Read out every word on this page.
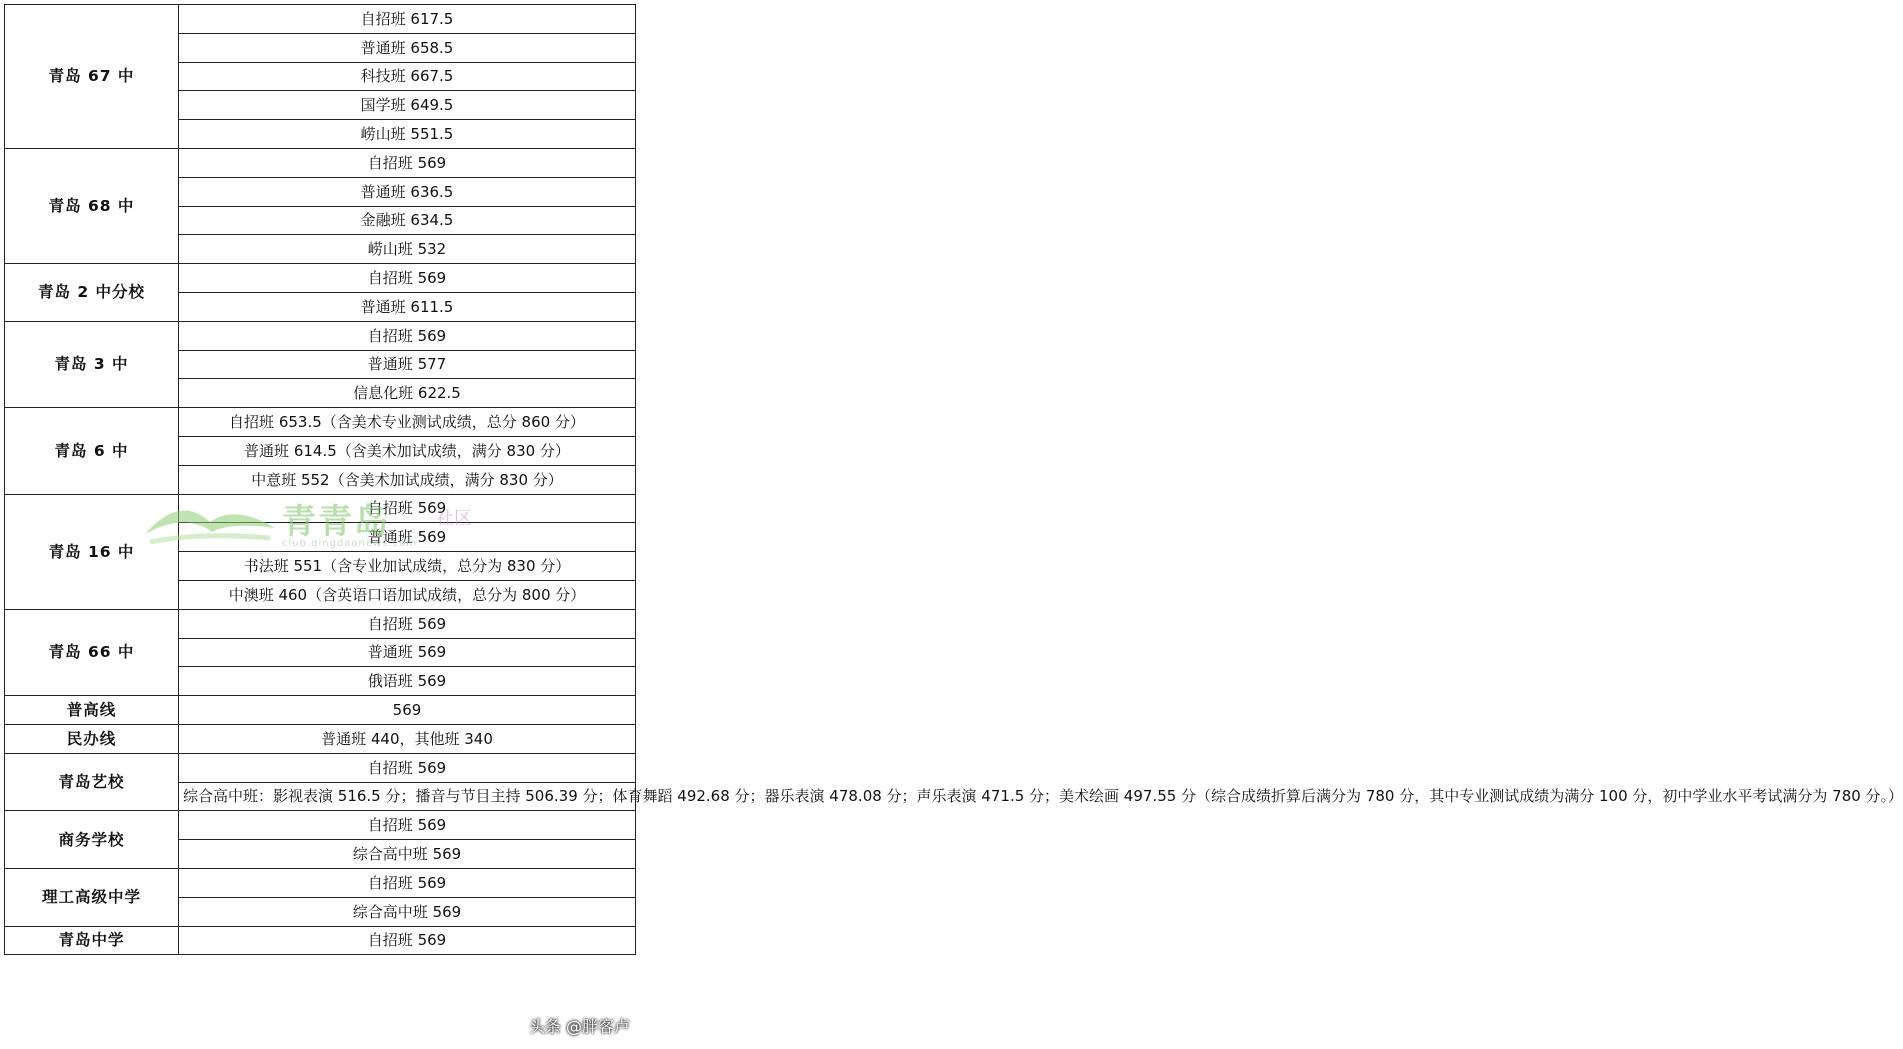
青岛 67 中	自招班 617.5
	普通班 658.5
	科技班 667.5
	国学班 649.5
	崂山班 551.5
青岛 68 中	自招班 569
	普通班 636.5
	金融班 634.5
	崂山班 532
青岛 2 中分校	自招班 569
	普通班 611.5
青岛 3 中	自招班 569
	普通班 577
	信息化班 622.5
青岛 6 中	自招班 653.5（含美术专业测试成绩，总分 860 分）
	普通班 614.5（含美术加试成绩，满分 830 分）
	中意班 552（含美术加试成绩，满分 830 分）
青岛 16 中	自招班 569
	普通班 569
	书法班 551（含专业加试成绩，总分为 830 分）
	中澳班 460（含英语口语加试成绩，总分为 800 分）
青岛 66 中	自招班 569
	普通班 569
	俄语班 569
普高线	569
民办线	普通班 440，其他班 340
青岛艺校	自招班 569
	综合高中班：影视表演 516.5 分；播音与节目主持 506.39 分；体育舞蹈 492.68 分；器乐表演 478.08 分；声乐表演 471.5 分；美术绘画 497.55 分（综合成绩折算后满分为 780 分，其中专业测试成绩为满分 100 分，初中学业水平考试满分为 780 分。）
商务学校	自招班 569
	综合高中班 569
理工高级中学	自招班 569
	综合高中班 569
青岛中学	自招班 569
青青岛	社区
club.qingdaonews.com
头条 @胖客卢
